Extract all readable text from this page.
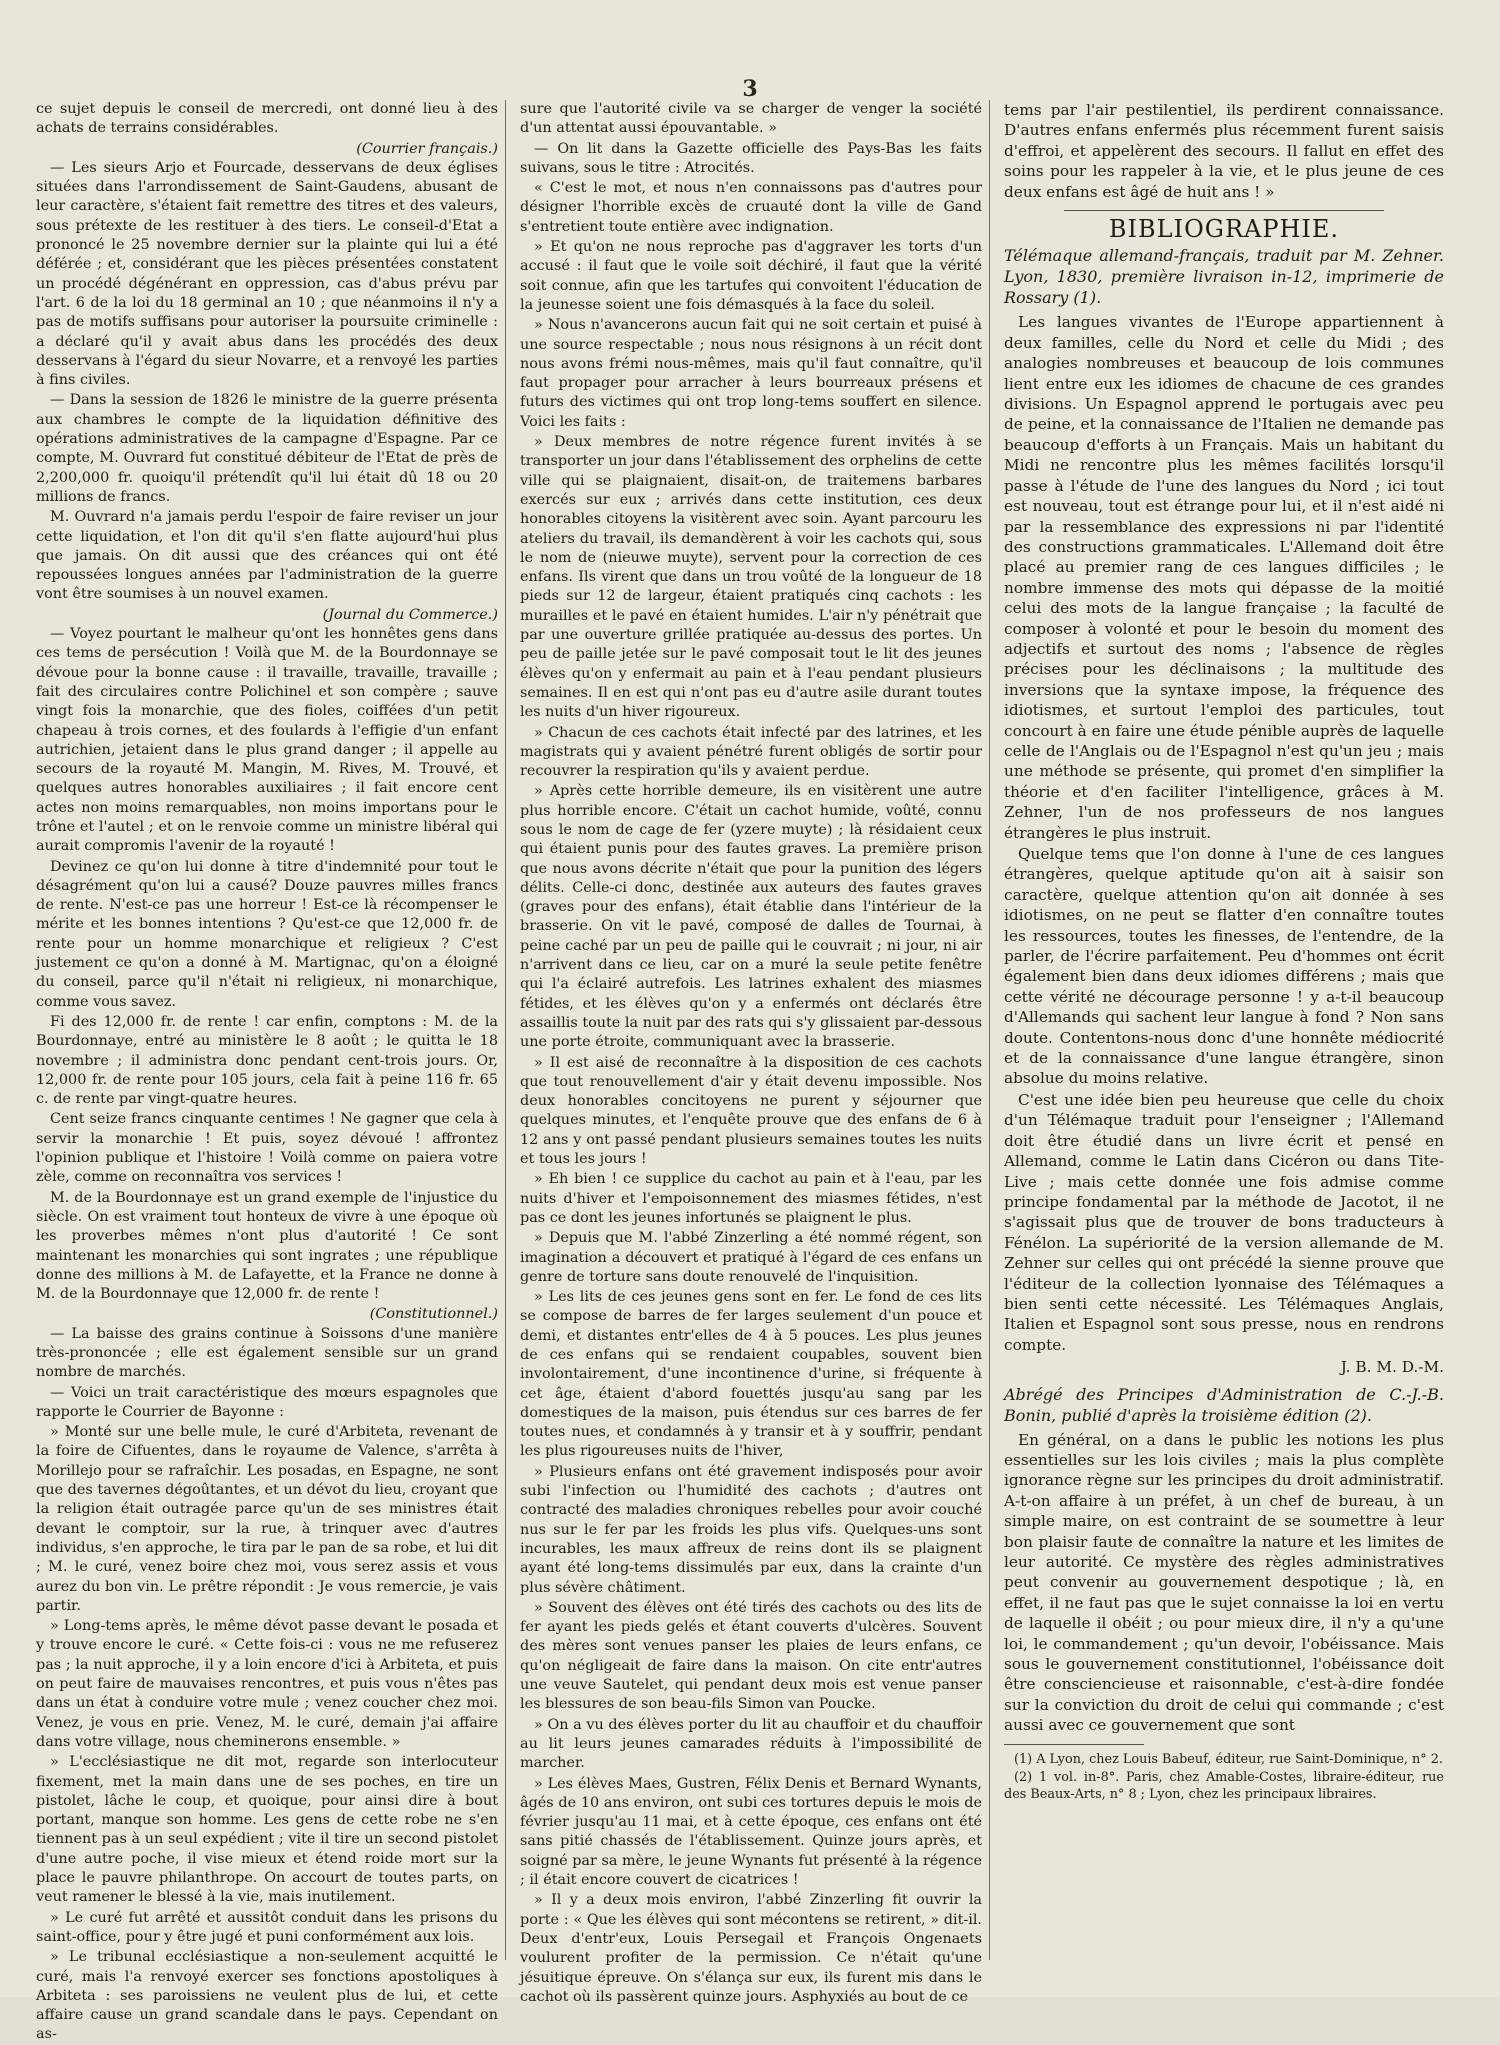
3

ce sujet depuis le conseil de mercredi, ont donné lieu à des achats de terrains considérables.

(Courrier français.)

— Les sieurs Arjo et Fourcade, desservans de deux églises situées dans l'arrondissement de Saint-Gaudens, abusant de leur caractère, s'étaient fait remettre des titres et des valeurs, sous prétexte de les restituer à des tiers. Le conseil-d'Etat a prononcé le 25 novembre dernier sur la plainte qui lui a été déférée ; et, considérant que les pièces présentées constatent un procédé dégénérant en oppression, cas d'abus prévu par l'art. 6 de la loi du 18 germinal an 10 ; que néanmoins il n'y a pas de motifs suffisans pour autoriser la poursuite criminelle : a déclaré qu'il y avait abus dans les procédés des deux desservans à l'égard du sieur Novarre, et a renvoyé les parties à fins civiles.

— Dans la session de 1826 le ministre de la guerre présenta aux chambres le compte de la liquidation définitive des opérations administratives de la campagne d'Espagne. Par ce compte, M. Ouvrard fut constitué débiteur de l'Etat de près de 2,200,000 fr. quoiqu'il prétendît qu'il lui était dû 18 ou 20 millions de francs.

M. Ouvrard n'a jamais perdu l'espoir de faire reviser un jour cette liquidation, et l'on dit qu'il s'en flatte aujourd'hui plus que jamais. On dit aussi que des créances qui ont été repoussées longues années par l'administration de la guerre vont être soumises à un nouvel examen.

(Journal du Commerce.)

— Voyez pourtant le malheur qu'ont les honnêtes gens dans ces tems de persécution ! Voilà que M. de la Bourdonnaye se dévoue pour la bonne cause : il travaille, travaille, travaille ; fait des circulaires contre Polichinel et son compère ; sauve vingt fois la monarchie, que des fioles, coiffées d'un petit chapeau à trois cornes, et des foulards à l'effigie d'un enfant autrichien, jetaient dans le plus grand danger ; il appelle au secours de la royauté M. Mangin, M. Rives, M. Trouvé, et quelques autres honorables auxiliaires ; il fait encore cent actes non moins remarquables, non moins importans pour le trône et l'autel ; et on le renvoie comme un ministre libéral qui aurait compromis l'avenir de la royauté !

Devinez ce qu'on lui donne à titre d'indemnité pour tout le désagrément qu'on lui a causé? Douze pauvres milles francs de rente. N'est-ce pas une horreur ! Est-ce là récompenser le mérite et les bonnes intentions ? Qu'est-ce que 12,000 fr. de rente pour un homme monarchique et religieux ? C'est justement ce qu'on a donné à M. Martignac, qu'on a éloigné du conseil, parce qu'il n'était ni religieux, ni monarchique, comme vous savez.

Fi des 12,000 fr. de rente ! car enfin, comptons : M. de la Bourdonnaye, entré au ministère le 8 août ; le quitta le 18 novembre ; il administra donc pendant cent-trois jours. Or, 12,000 fr. de rente pour 105 jours, cela fait à peine 116 fr. 65 c. de rente par vingt-quatre heures.

Cent seize francs cinquante centimes ! Ne gagner que cela à servir la monarchie ! Et puis, soyez dévoué ! affrontez l'opinion publique et l'histoire ! Voilà comme on paiera votre zèle, comme on reconnaîtra vos services !

M. de la Bourdonnaye est un grand exemple de l'injustice du siècle. On est vraiment tout honteux de vivre à une époque où les proverbes mêmes n'ont plus d'autorité ! Ce sont maintenant les monarchies qui sont ingrates ; une république donne des millions à M. de Lafayette, et la France ne donne à M. de la Bourdonnaye que 12,000 fr. de rente !

(Constitutionnel.)

— La baisse des grains continue à Soissons d'une manière très-prononcée ; elle est également sensible sur un grand nombre de marchés.

— Voici un trait caractéristique des mœurs espagnoles que rapporte le Courrier de Bayonne :

» Monté sur une belle mule, le curé d'Arbiteta, revenant de la foire de Cifuentes, dans le royaume de Valence, s'arrêta à Morillejo pour se rafraîchir. Les posadas, en Espagne, ne sont que des tavernes dégoûtantes, et un dévot du lieu, croyant que la religion était outragée parce qu'un de ses ministres était devant le comptoir, sur la rue, à trinquer avec d'autres individus, s'en approche, le tira par le pan de sa robe, et lui dit ; M. le curé, venez boire chez moi, vous serez assis et vous aurez du bon vin. Le prêtre répondit : Je vous remercie, je vais partir.

» Long-tems après, le même dévot passe devant le posada et y trouve encore le curé. « Cette fois-ci : vous ne me refuserez pas ; la nuit approche, il y a loin encore d'ici à Arbiteta, et puis on peut faire de mauvaises rencontres, et puis vous n'êtes pas dans un état à conduire votre mule ; venez coucher chez moi. Venez, je vous en prie. Venez, M. le curé, demain j'ai affaire dans votre village, nous cheminerons ensemble. »

» L'ecclésiastique ne dit mot, regarde son interlocuteur fixement, met la main dans une de ses poches, en tire un pistolet, lâche le coup, et quoique, pour ainsi dire à bout portant, manque son homme. Les gens de cette robe ne s'en tiennent pas à un seul expédient ; vite il tire un second pistolet d'une autre poche, il vise mieux et étend roide mort sur la place le pauvre philanthrope. On accourt de toutes parts, on veut ramener le blessé à la vie, mais inutilement.

» Le curé fut arrêté et aussitôt conduit dans les prisons du saint-office, pour y être jugé et puni conformément aux lois.

» Le tribunal ecclésiastique a non-seulement acquitté le curé, mais l'a renvoyé exercer ses fonctions apostoliques à Arbiteta : ses paroissiens ne veulent plus de lui, et cette affaire cause un grand scandale dans le pays. Cependant on as-

sure que l'autorité civile va se charger de venger la société d'un attentat aussi épouvantable. »

— On lit dans la Gazette officielle des Pays-Bas les faits suivans, sous le titre : Atrocités.

« C'est le mot, et nous n'en connaissons pas d'autres pour désigner l'horrible excès de cruauté dont la ville de Gand s'entretient toute entière avec indignation.

» Et qu'on ne nous reproche pas d'aggraver les torts d'un accusé : il faut que le voile soit déchiré, il faut que la vérité soit connue, afin que les tartufes qui convoitent l'éducation de la jeunesse soient une fois démasqués à la face du soleil.

» Nous n'avancerons aucun fait qui ne soit certain et puisé à une source respectable ; nous nous résignons à un récit dont nous avons frémi nous-mêmes, mais qu'il faut connaître, qu'il faut propager pour arracher à leurs bourreaux présens et futurs des victimes qui ont trop long-tems souffert en silence. Voici les faits :

» Deux membres de notre régence furent invités à se transporter un jour dans l'établissement des orphelins de cette ville qui se plaignaient, disait-on, de traitemens barbares exercés sur eux ; arrivés dans cette institution, ces deux honorables citoyens la visitèrent avec soin. Ayant parcouru les ateliers du travail, ils demandèrent à voir les cachots qui, sous le nom de (nieuwe muyte), servent pour la correction de ces enfans. Ils virent que dans un trou voûté de la longueur de 18 pieds sur 12 de largeur, étaient pratiqués cinq cachots : les murailles et le pavé en étaient humides. L'air n'y pénétrait que par une ouverture grillée pratiquée au-dessus des portes. Un peu de paille jetée sur le pavé composait tout le lit des jeunes élèves qu'on y enfermait au pain et à l'eau pendant plusieurs semaines. Il en est qui n'ont pas eu d'autre asile durant toutes les nuits d'un hiver rigoureux.

» Chacun de ces cachots était infecté par des latrines, et les magistrats qui y avaient pénétré furent obligés de sortir pour recouvrer la respiration qu'ils y avaient perdue.

» Après cette horrible demeure, ils en visitèrent une autre plus horrible encore. C'était un cachot humide, voûté, connu sous le nom de cage de fer (yzere muyte) ; là résidaient ceux qui étaient punis pour des fautes graves. La première prison que nous avons décrite n'était que pour la punition des légers délits. Celle-ci donc, destinée aux auteurs des fautes graves (graves pour des enfans), était établie dans l'intérieur de la brasserie. On vit le pavé, composé de dalles de Tournai, à peine caché par un peu de paille qui le couvrait ; ni jour, ni air n'arrivent dans ce lieu, car on a muré la seule petite fenêtre qui l'a éclairé autrefois. Les latrines exhalent des miasmes fétides, et les élèves qu'on y a enfermés ont déclarés être assaillis toute la nuit par des rats qui s'y glissaient par-dessous une porte étroite, communiquant avec la brasserie.

» Il est aisé de reconnaître à la disposition de ces cachots que tout renouvellement d'air y était devenu impossible. Nos deux honorables concitoyens ne purent y séjourner que quelques minutes, et l'enquête prouve que des enfans de 6 à 12 ans y ont passé pendant plusieurs semaines toutes les nuits et tous les jours !

» Eh bien ! ce supplice du cachot au pain et à l'eau, par les nuits d'hiver et l'empoisonnement des miasmes fétides, n'est pas ce dont les jeunes infortunés se plaignent le plus.

» Depuis que M. l'abbé Zinzerling a été nommé régent, son imagination a découvert et pratiqué à l'égard de ces enfans un genre de torture sans doute renouvelé de l'inquisition.

» Les lits de ces jeunes gens sont en fer. Le fond de ces lits se compose de barres de fer larges seulement d'un pouce et demi, et distantes entr'elles de 4 à 5 pouces. Les plus jeunes de ces enfans qui se rendaient coupables, souvent bien involontairement, d'une incontinence d'urine, si fréquente à cet âge, étaient d'abord fouettés jusqu'au sang par les domestiques de la maison, puis étendus sur ces barres de fer toutes nues, et condamnés à y transir et à y souffrir, pendant les plus rigoureuses nuits de l'hiver,

» Plusieurs enfans ont été gravement indisposés pour avoir subi l'infection ou l'humidité des cachots ; d'autres ont contracté des maladies chroniques rebelles pour avoir couché nus sur le fer par les froids les plus vifs. Quelques-uns sont incurables, les maux affreux de reins dont ils se plaignent ayant été long-tems dissimulés par eux, dans la crainte d'un plus sévère châtiment.

» Souvent des élèves ont été tirés des cachots ou des lits de fer ayant les pieds gelés et étant couverts d'ulcères. Souvent des mères sont venues panser les plaies de leurs enfans, ce qu'on négligeait de faire dans la maison. On cite entr'autres une veuve Sautelet, qui pendant deux mois est venue panser les blessures de son beau-fils Simon van Poucke.

» On a vu des élèves porter du lit au chauffoir et du chauffoir au lit leurs jeunes camarades réduits à l'impossibilité de marcher.

» Les élèves Maes, Gustren, Félix Denis et Bernard Wynants, âgés de 10 ans environ, ont subi ces tortures depuis le mois de février jusqu'au 11 mai, et à cette époque, ces enfans ont été sans pitié chassés de l'établissement. Quinze jours après, et soigné par sa mère, le jeune Wynants fut présenté à la régence ; il était encore couvert de cicatrices !

» Il y a deux mois environ, l'abbé Zinzerling fit ouvrir la porte : « Que les élèves qui sont mécontens se retirent, » dit-il. Deux d'entr'eux, Louis Persegail et François Ongenaets voulurent profiter de la permission. Ce n'était qu'une jésuitique épreuve. On s'élança sur eux, ils furent mis dans le cachot où ils passèrent quinze jours. Asphyxiés au bout de ce

tems par l'air pestilentiel, ils perdirent connaissance. D'autres enfans enfermés plus récemment furent saisis d'effroi, et appelèrent des secours. Il fallut en effet des soins pour les rappeler à la vie, et le plus jeune de ces deux enfans est âgé de huit ans ! »

BIBLIOGRAPHIE.

Télémaque allemand-français, traduit par M. Zehner. Lyon, 1830, première livraison in-12, imprimerie de Rossary (1).

Les langues vivantes de l'Europe appartiennent à deux familles, celle du Nord et celle du Midi ; des analogies nombreuses et beaucoup de lois communes lient entre eux les idiomes de chacune de ces grandes divisions. Un Espagnol apprend le portugais avec peu de peine, et la connaissance de l'Italien ne demande pas beaucoup d'efforts à un Français. Mais un habitant du Midi ne rencontre plus les mêmes facilités lorsqu'il passe à l'étude de l'une des langues du Nord ; ici tout est nouveau, tout est étrange pour lui, et il n'est aidé ni par la ressemblance des expressions ni par l'identité des constructions grammaticales. L'Allemand doit être placé au premier rang de ces langues difficiles ; le nombre immense des mots qui dépasse de la moitié celui des mots de la langue française ; la faculté de composer à volonté et pour le besoin du moment des adjectifs et surtout des noms ; l'absence de règles précises pour les déclinaisons ; la multitude des inversions que la syntaxe impose, la fréquence des idiotismes, et surtout l'emploi des particules, tout concourt à en faire une étude pénible auprès de laquelle celle de l'Anglais ou de l'Espagnol n'est qu'un jeu ; mais une méthode se présente, qui promet d'en simplifier la théorie et d'en faciliter l'intelligence, grâces à M. Zehner, l'un de nos professeurs de nos langues étrangères le plus instruit.

Quelque tems que l'on donne à l'une de ces langues étrangères, quelque aptitude qu'on ait à saisir son caractère, quelque attention qu'on ait donnée à ses idiotismes, on ne peut se flatter d'en connaître toutes les ressources, toutes les finesses, de l'entendre, de la parler, de l'écrire parfaitement. Peu d'hommes ont écrit également bien dans deux idiomes différens ; mais que cette vérité ne décourage personne ! y a-t-il beaucoup d'Allemands qui sachent leur langue à fond ? Non sans doute. Contentons-nous donc d'une honnête médiocrité et de la connaissance d'une langue étrangère, sinon absolue du moins relative.

C'est une idée bien peu heureuse que celle du choix d'un Télémaque traduit pour l'enseigner ; l'Allemand doit être étudié dans un livre écrit et pensé en Allemand, comme le Latin dans Cicéron ou dans Tite-Live ; mais cette donnée une fois admise comme principe fondamental par la méthode de Jacotot, il ne s'agissait plus que de trouver de bons traducteurs à Fénélon. La supériorité de la version allemande de M. Zehner sur celles qui ont précédé la sienne prouve que l'éditeur de la collection lyonnaise des Télémaques a bien senti cette nécessité. Les Télémaques Anglais, Italien et Espagnol sont sous presse, nous en rendrons compte.

J. B. M. D.-M.

Abrégé des Principes d'Administration de C.-J.-B. Bonin, publié d'après la troisième édition (2).

En général, on a dans le public les notions les plus essentielles sur les lois civiles ; mais la plus complète ignorance règne sur les principes du droit administratif. A-t-on affaire à un préfet, à un chef de bureau, à un simple maire, on est contraint de se soumettre à leur bon plaisir faute de connaître la nature et les limites de leur autorité. Ce mystère des règles administratives peut convenir au gouvernement despotique ; là, en effet, il ne faut pas que le sujet connaisse la loi en vertu de laquelle il obéit ; ou pour mieux dire, il n'y a qu'une loi, le commandement ; qu'un devoir, l'obéissance. Mais sous le gouvernement constitutionnel, l'obéissance doit être consciencieuse et raisonnable, c'est-à-dire fondée sur la conviction du droit de celui qui commande ; c'est aussi avec ce gouvernement que sont

(1) A Lyon, chez Louis Babeuf, éditeur, rue Saint-Dominique, n° 2.

(2) 1 vol. in-8°. Paris, chez Amable-Costes, libraire-éditeur, rue des Beaux-Arts, n° 8 ; Lyon, chez les principaux libraires.
